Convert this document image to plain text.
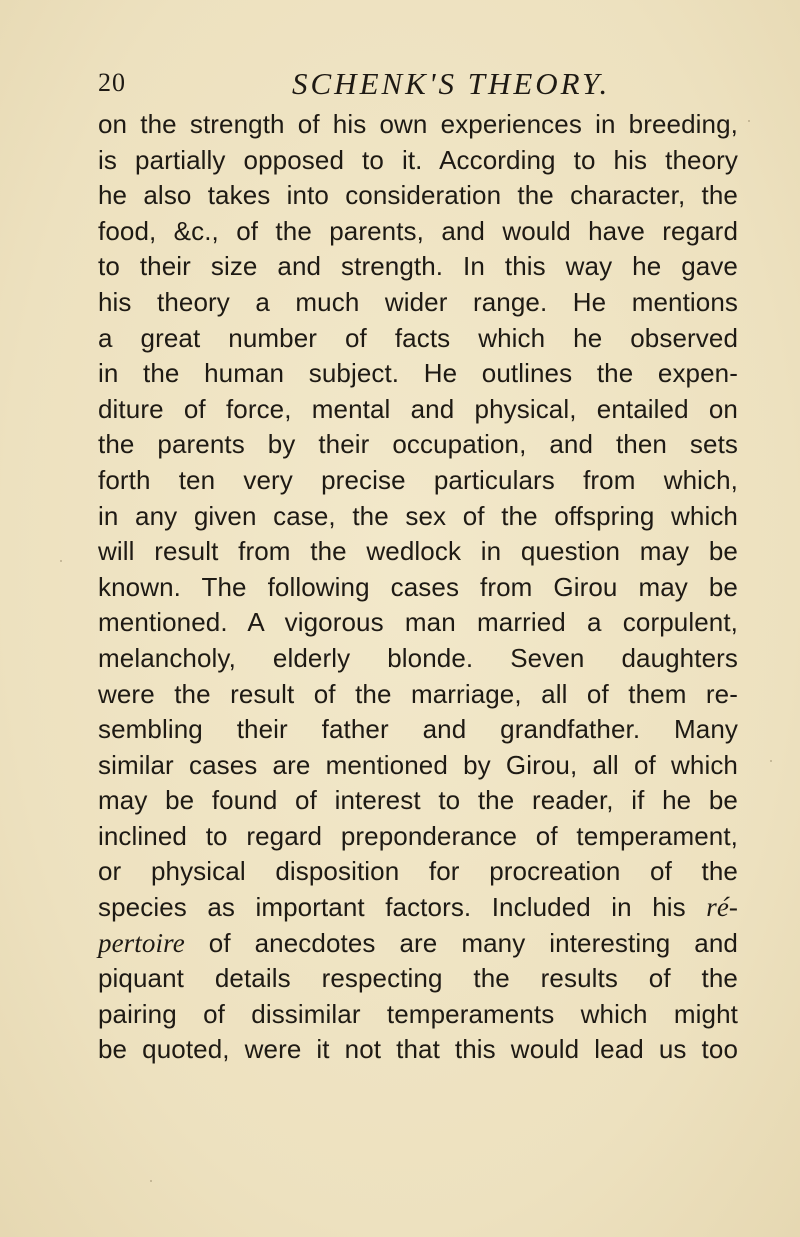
20	SCHENK'S THEORY.
on the strength of his own experiences in breeding,
is partially opposed to it. According to his theory
he also takes into consideration the character, the
food, &c., of the parents, and would have regard
to their size and strength. In this way he gave
his theory a much wider range. He mentions
a great number of facts which he observed
in the human subject. He outlines the expen-
diture of force, mental and physical, entailed on
the parents by their occupation, and then sets
forth ten very precise particulars from which,
in any given case, the sex of the offspring which
will result from the wedlock in question may be
known. The following cases from Girou may be
mentioned. A vigorous man married a corpulent,
melancholy, elderly blonde. Seven daughters
were the result of the marriage, all of them re-
sembling their father and grandfather. Many
similar cases are mentioned by Girou, all of which
may be found of interest to the reader, if he be
inclined to regard preponderance of temperament,
or physical disposition for procreation of the
species as important factors. Included in his ré-
pertoire of anecdotes are many interesting and
piquant details respecting the results of the
pairing of dissimilar temperaments which might
be quoted, were it not that this would lead us too
